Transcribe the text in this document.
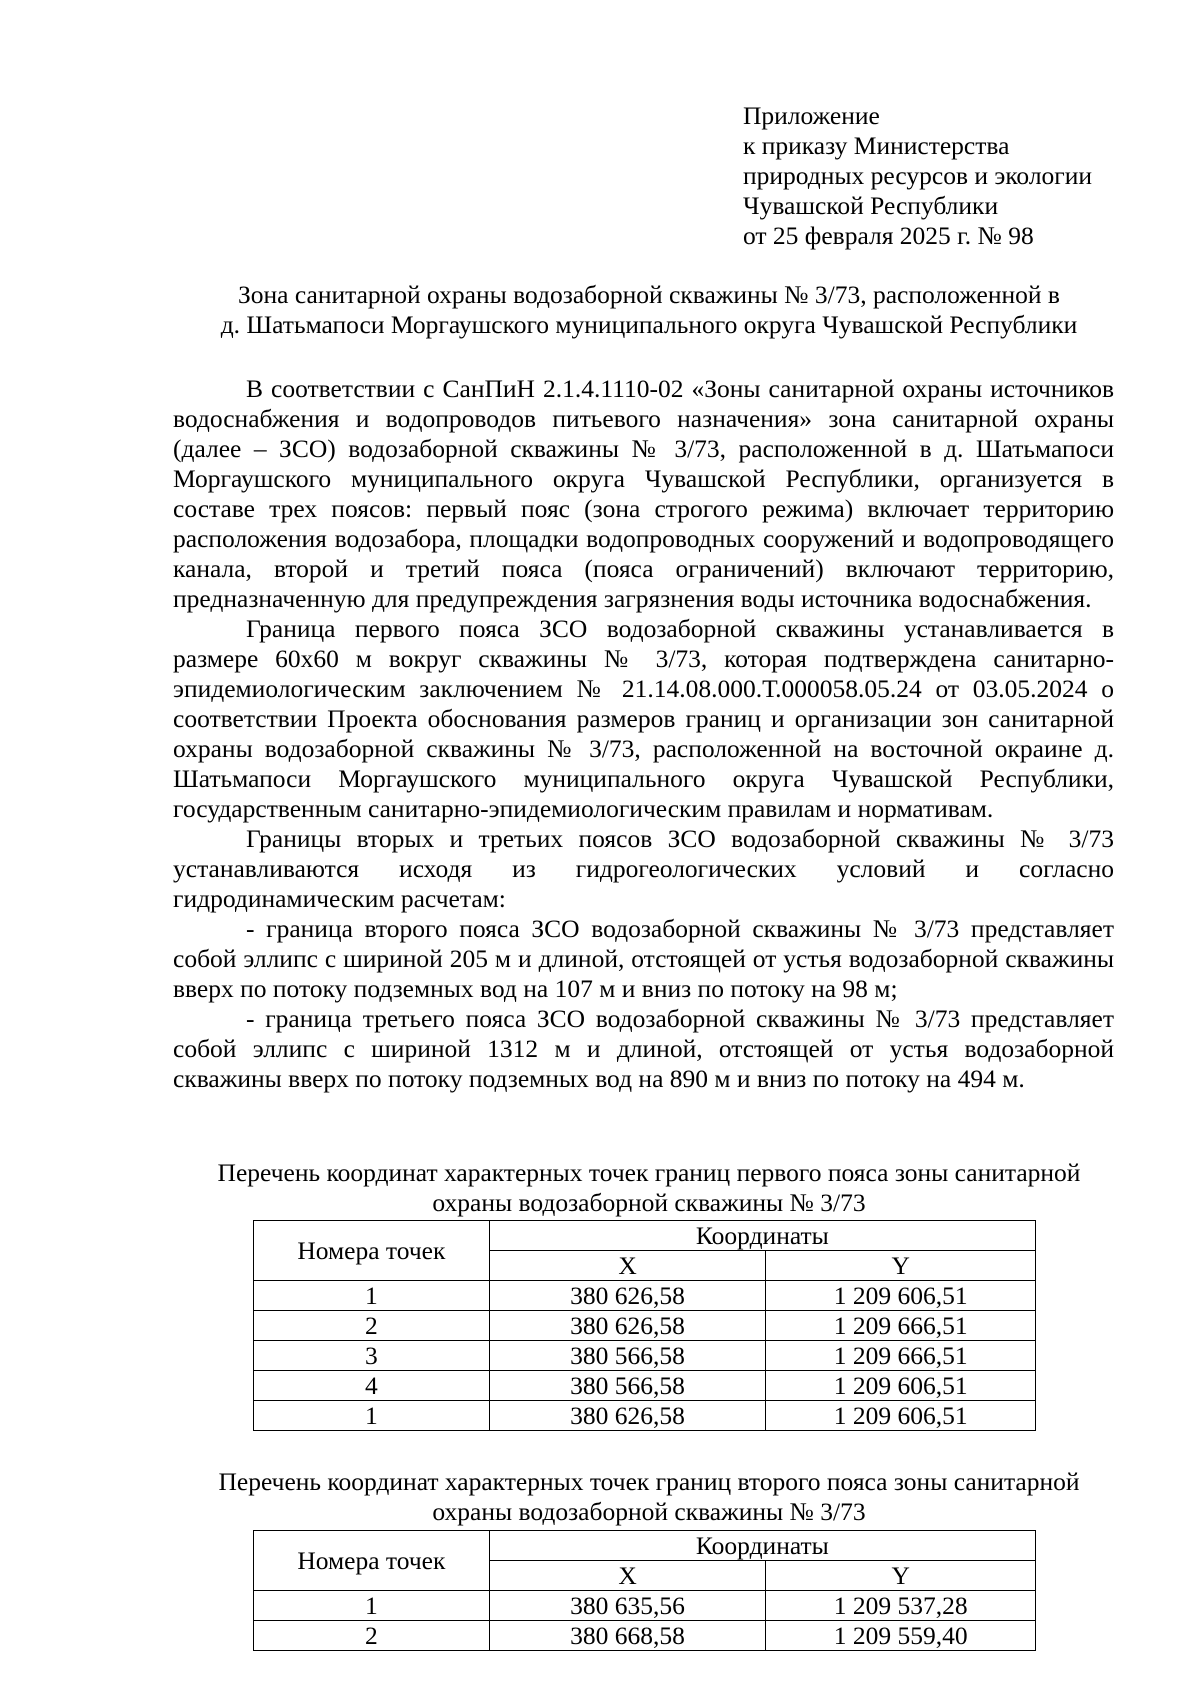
Приложение
к приказу Министерства
природных ресурсов и экологии
Чувашской Республики
от 25 февраля 2025 г. № 98
Зона санитарной охраны водозаборной скважины № 3/73, расположенной в
д. Шатьмапоси Моргаушского муниципального округа Чувашской Республики

В соответствии с СанПиН 2.1.4.1110-02 «Зоны санитарной охраны источников водоснабжения и водопроводов питьевого назначения» зона санитарной охраны (далее – ЗСО) водозаборной скважины № 3/73, расположенной в д. Шатьмапоси Моргаушского муниципального округа Чувашской Республики, организуется в составе трех поясов: первый пояс (зона строгого режима) включает территорию расположения водозабора, площадки водопроводных сооружений и водопроводящего канала, второй и третий пояса (пояса ограничений) включают территорию, предназначенную для предупреждения загрязнения воды источника водоснабжения.

Граница первого пояса ЗСО водозаборной скважины устанавливается в размере 60х60 м вокруг скважины № 3/73, которая подтверждена санитарно-эпидемиологическим заключением № 21.14.08.000.Т.000058.05.24 от 03.05.2024 о соответствии Проекта обоснования размеров границ и организации зон санитарной охраны водозаборной скважины № 3/73, расположенной на восточной окраине д. Шатьмапоси Моргаушского муниципального округа Чувашской Республики, государственным санитарно-эпидемиологическим правилам и нормативам.

Границы вторых и третьих поясов ЗСО водозаборной скважины № 3/73 устанавливаются исходя из гидрогеологических условий и согласно гидродинамическим расчетам:

- граница второго пояса ЗСО водозаборной скважины № 3/73 представляет собой эллипс с шириной 205 м и длиной, отстоящей от устья водозаборной скважины вверх по потоку подземных вод на 107 м и вниз по потоку на 98 м;

- граница третьего пояса ЗСО водозаборной скважины № 3/73 представляет собой эллипс с шириной 1312 м и длиной, отстоящей от устья водозаборной скважины вверх по потоку подземных вод на 890 м и вниз по потоку на 494 м.

Перечень координат характерных точек границ первого пояса зоны санитарной
охраны водозаборной скважины № 3/73
Номера точек	Координаты	
	X	Y
1	380 626,58	1 209 606,51
2	380 626,58	1 209 666,51
3	380 566,58	1 209 666,51
4	380 566,58	1 209 606,51
1	380 626,58	1 209 606,51
Перечень координат характерных точек границ второго пояса зоны санитарной
охраны водозаборной скважины № 3/73
Номера точек	Координаты	
	X	Y
1	380 635,56	1 209 537,28
2	380 668,58	1 209 559,40
